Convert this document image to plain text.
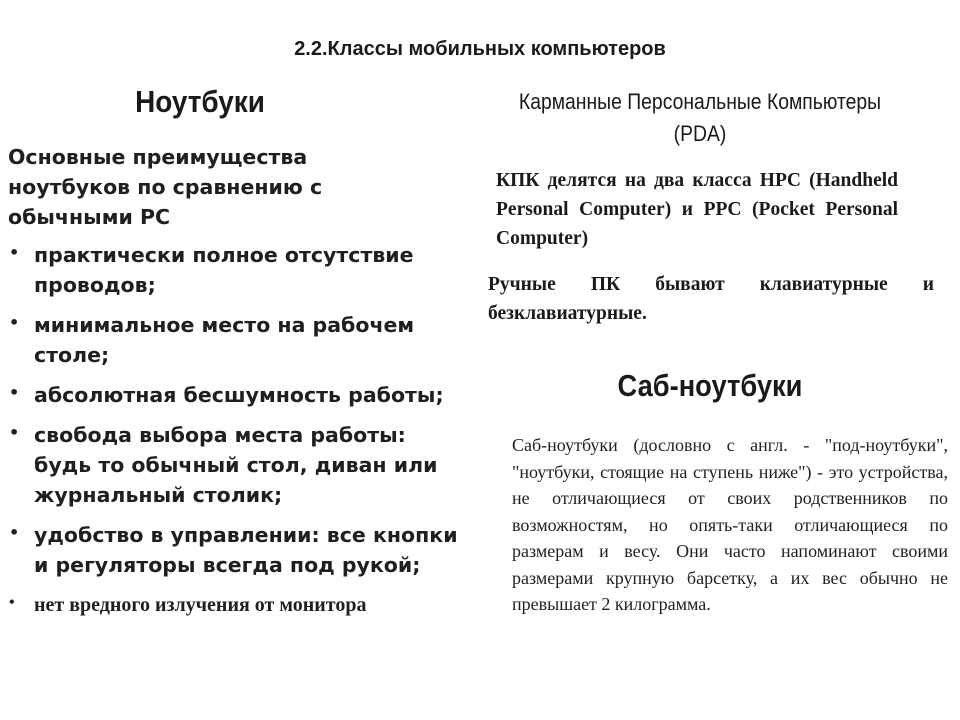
2.2.Классы мобильных компьютеров
Ноутбуки
Основные преимущества ноутбуков по сравнению с обычными PC
• практически полное отсутствие проводов;
• минимальное место на рабочем столе;
• абсолютная бесшумность работы;
• свобода выбора места работы: будь то обычный стол, диван или журнальный столик;
• удобство в управлении: все кнопки и регуляторы всегда под рукой;
• нет вредного излучения от монитора
Карманные Персональные Компьютеры
(PDA)
КПК делятся на два класса HPC (Handheld Personal Computer) и PPC (Pocket Personal Computer)
Ручные ПК бывают клавиатурные и безклавиатурные.
Саб-ноутбуки
Саб-ноутбуки (дословно с англ. - "под-ноутбуки", "ноутбуки, стоящие на ступень ниже") - это устройства, не отличающиеся от своих родственников по возможностям, но опять-таки отличающиеся по размерам и весу. Они часто напоминают своими размерами крупную барсетку, а их вес обычно не превышает 2 килограмма.
